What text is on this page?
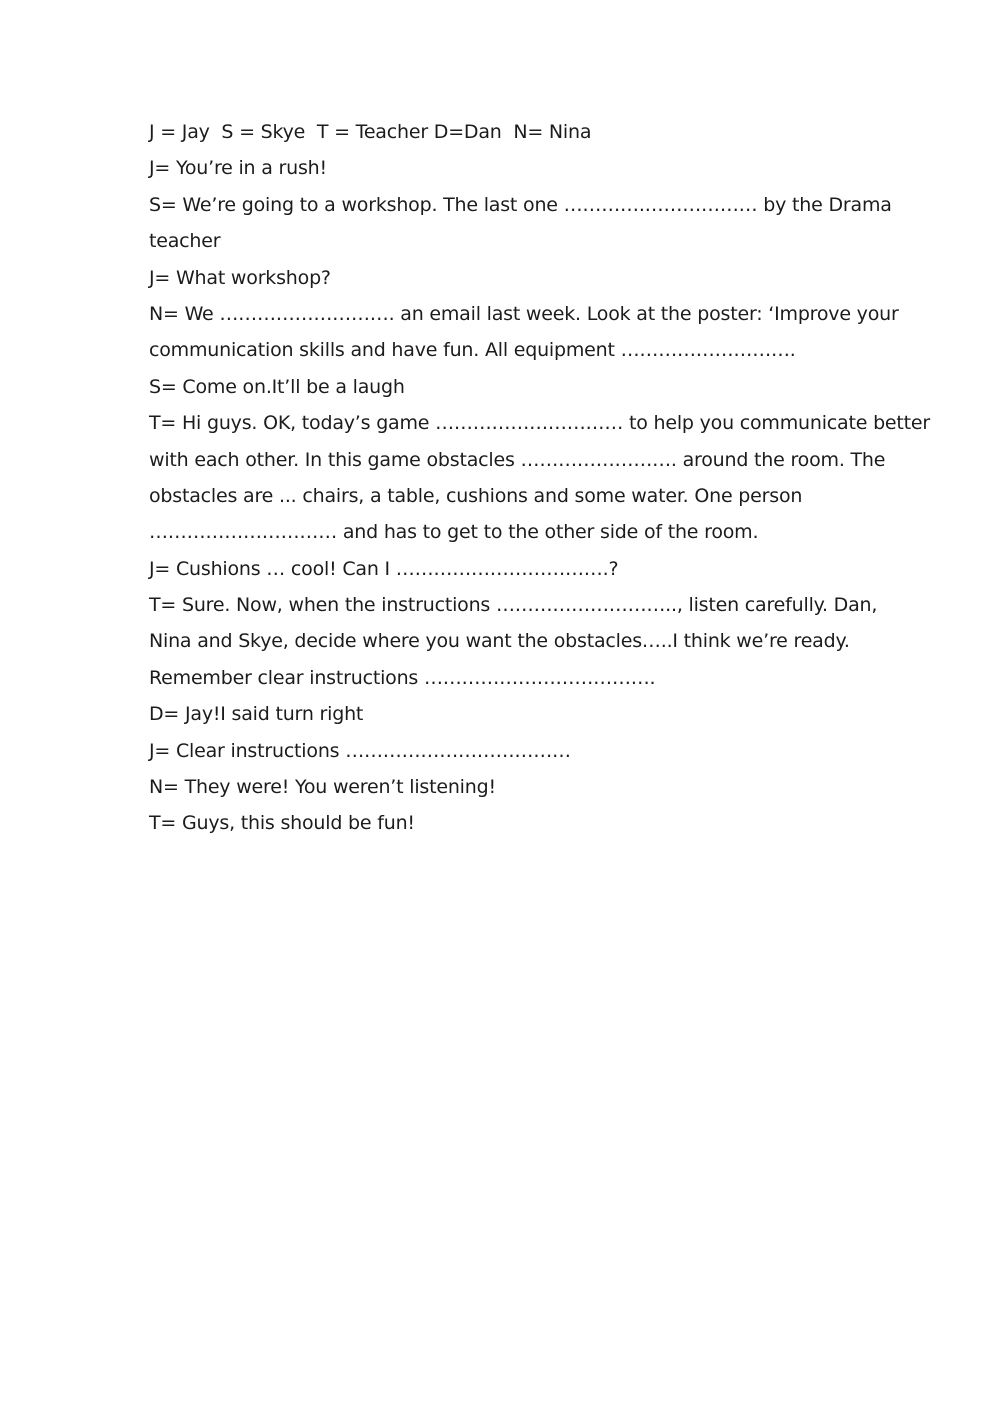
J = Jay  S = Skye  T = Teacher D=Dan  N= Nina
J= You’re in a rush!
S= We’re going to a workshop. The last one ………….……………… by the Drama
teacher
J= What workshop?
N= We ………………………. an email last week. Look at the poster: ‘Improve your
communication skills and have fun. All equipment ……………………….
S= Come on.It’ll be a laugh
T= Hi guys. OK, today’s game ………………………… to help you communicate better
with each other. In this game obstacles ……………………. around the room. The
obstacles are ... chairs, a table, cushions and some water. One person
………………………… and has to get to the other side of the room.
J= Cushions … cool! Can I …………………………….?
T= Sure. Now, when the instructions ……………………….., listen carefully. Dan,
Nina and Skye, decide where you want the obstacles…..I think we’re ready.
Remember clear instructions ……………………………….
D= Jay!I said turn right
J= Clear instructions ………………………………
N= They were! You weren’t listening!
T= Guys, this should be fun!
